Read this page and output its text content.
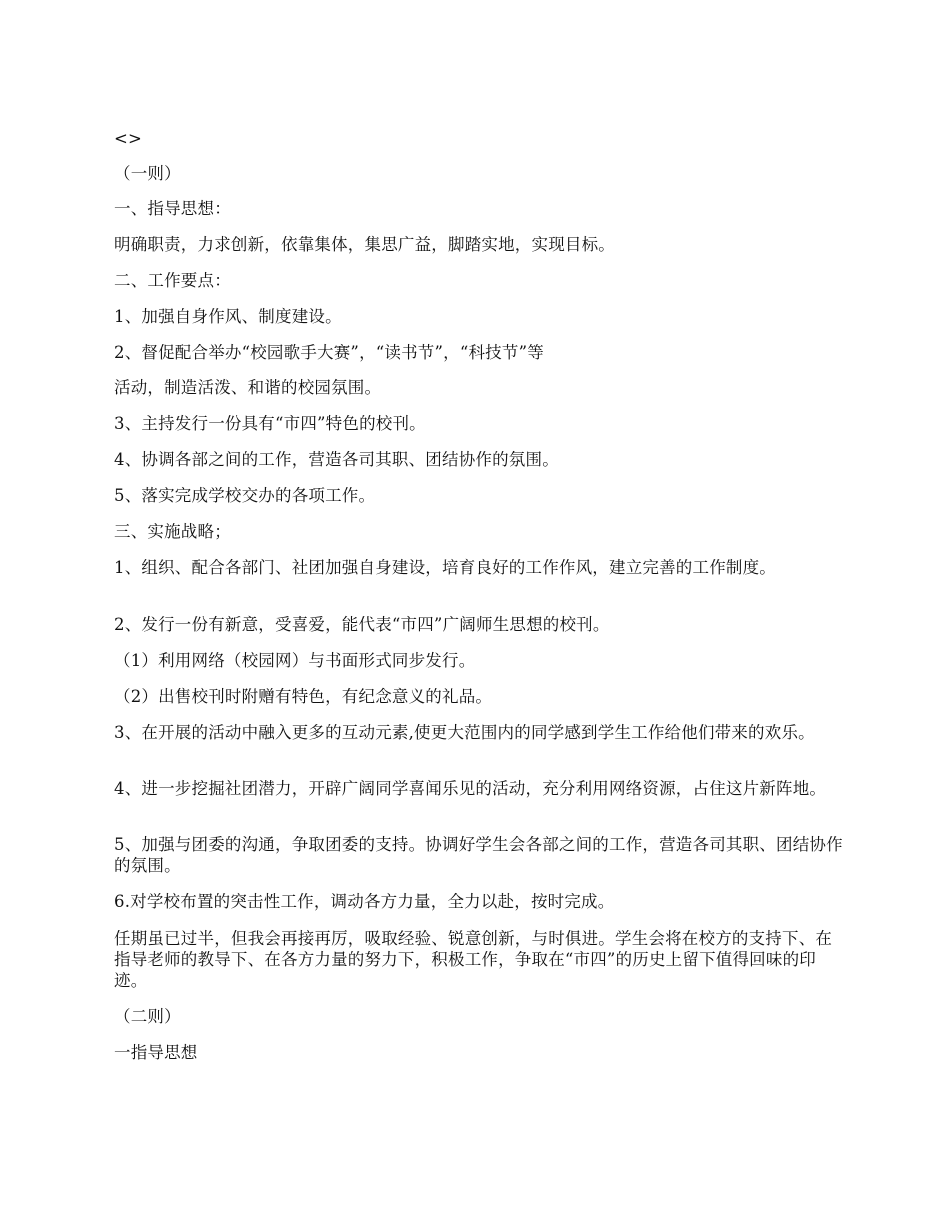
<>

（一则）

一、指导思想：

明确职责，力求创新，依靠集体，集思广益，脚踏实地，实现目标。

二、工作要点：

1、加强自身作风、制度建设。

2、督促配合举办“校园歌手大赛”，“读书节”，“科技节”等

活动，制造活泼、和谐的校园氛围。

3、主持发行一份具有“市四”特色的校刊。

4、协调各部之间的工作，营造各司其职、团结协作的氛围。

5、落实完成学校交办的各项工作。

三、实施战略；

1、组织、配合各部门、社团加强自身建设，培育良好的工作作风，建立完善的工作制度。

2、发行一份有新意，受喜爱，能代表“市四”广阔师生思想的校刊。

（1）利用网络（校园网）与书面形式同步发行。

（2）出售校刊时附赠有特色，有纪念意义的礼品。

3、在开展的活动中融入更多的互动元素,使更大范围内的同学感到学生工作给他们带来的欢乐。

4、进一步挖掘社团潜力，开辟广阔同学喜闻乐见的活动，充分利用网络资源，占住这片新阵地。

5、加强与团委的沟通，争取团委的支持。协调好学生会各部之间的工作，营造各司其职、团结协作的氛围。

6.对学校布置的突击性工作，调动各方力量，全力以赴，按时完成。

任期虽已过半，但我会再接再厉，吸取经验、锐意创新，与时俱进。学生会将在校方的支持下、在指导老师的教导下、在各方力量的努力下，积极工作，争取在“市四”的历史上留下值得回味的印迹。

（二则）

一指导思想
